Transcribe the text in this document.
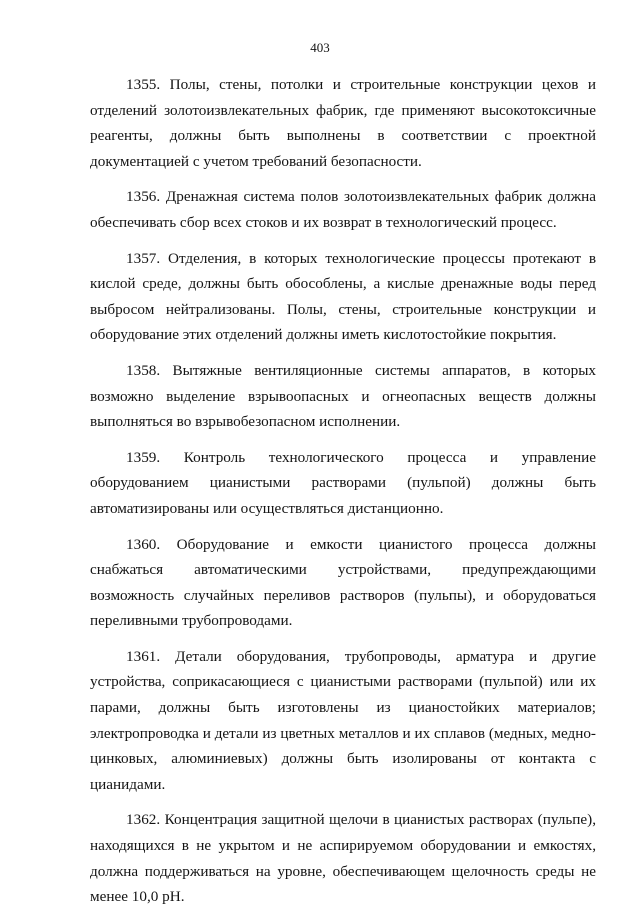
403

1355. Полы, стены, потолки и строительные конструкции цехов и отделений золотоизвлекательных фабрик, где применяют высокотоксичные реагенты, должны быть выполнены в соответствии с проектной документацией с учетом требований безопасности.

1356. Дренажная система полов золотоизвлекательных фабрик должна обеспечивать сбор всех стоков и их возврат в технологический процесс.

1357. Отделения, в которых технологические процессы протекают в кислой среде, должны быть обособлены, а кислые дренажные воды перед выбросом нейтрализованы. Полы, стены, строительные конструкции и оборудование этих отделений должны иметь кислотостойкие покрытия.

1358. Вытяжные вентиляционные системы аппаратов, в которых возможно выделение взрывоопасных и огнеопасных веществ должны выполняться во взрывобезопасном исполнении.

1359. Контроль технологического процесса и управление оборудованием цианистыми растворами (пульпой) должны быть автоматизированы или осуществляться дистанционно.

1360. Оборудование и емкости цианистого процесса должны снабжаться автоматическими устройствами, предупреждающими возможность случайных переливов растворов (пульпы), и оборудоваться переливными трубопроводами.

1361. Детали оборудования, трубопроводы, арматура и другие устройства, соприкасающиеся с цианистыми растворами (пульпой) или их парами, должны быть изготовлены из цианостойких материалов; электропроводка и детали из цветных металлов и их сплавов (медных, медно-цинковых, алюминиевых) должны быть изолированы от контакта с цианидами.

1362. Концентрация защитной щелочи в цианистых растворах (пульпе), находящихся в не укрытом и не аспирируемом оборудовании и емкостях, должна поддерживаться на уровне, обеспечивающем щелочность среды не менее 10,0 pH.
